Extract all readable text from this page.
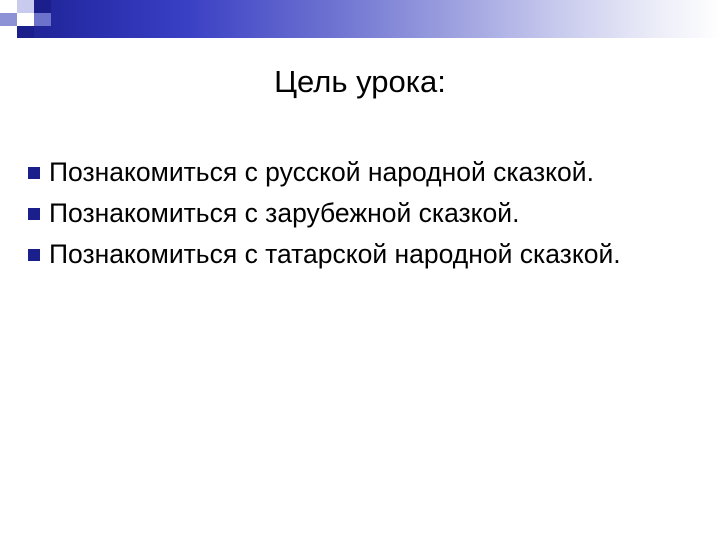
Цель урока:
Познакомиться с русской народной сказкой.
Познакомиться с зарубежной сказкой.
Познакомиться с татарской народной сказкой.
